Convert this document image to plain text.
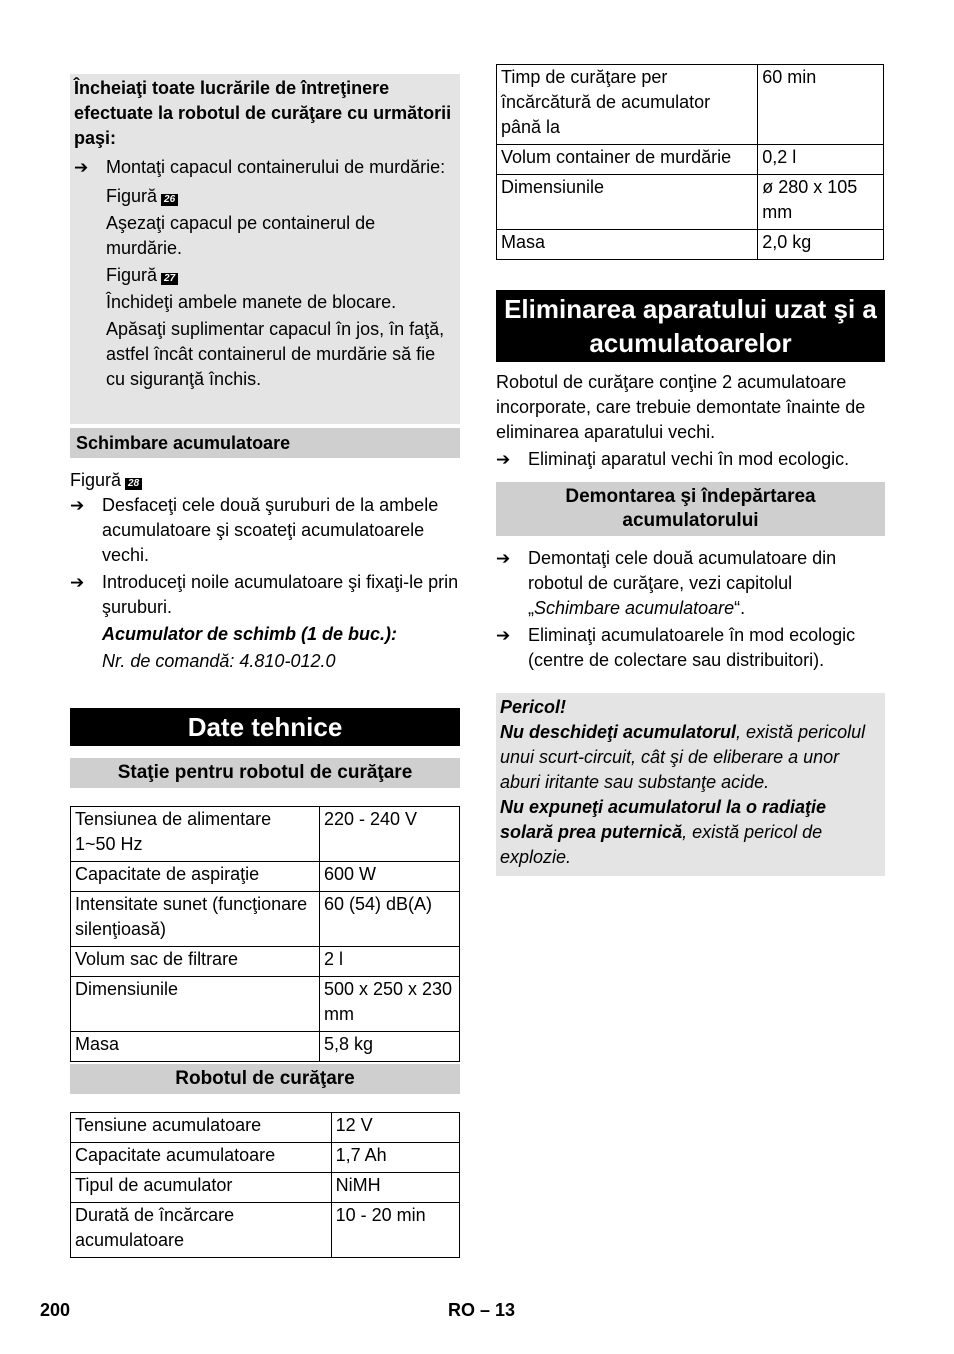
Încheiaţi toate lucrările de întreţinere efectuate la robotul de curăţare cu următorii paşi:
➔ Montaţi capacul containerului de murdărie:
Figură 26
Aşezaţi capacul pe containerul de murdărie.
Figură 27
Închideţi ambele manete de blocare.
Apăsaţi suplimentar capacul în jos, în faţă, astfel încât containerul de murdărie să fie cu siguranţă închis.
Schimbare acumulatoare
Figură 28
➔ Desfaceţi cele două şuruburi de la ambele acumulatoare şi scoateţi acumulatoarele vechi.
➔ Introduceţi noile acumulatoare şi fixaţi-le prin şuruburi.
Acumulator de schimb (1 de buc.):
Nr. de comandă: 4.810-012.0
Date tehnice
Staţie pentru robotul de curăţare
Tensiunea de alimentare 1~50 Hz	220 - 240 V
Capacitate de aspiraţie	600 W
Intensitate sunet (funcţionare silenţioasă)	60 (54) dB(A)
Volum sac de filtrare	2 l
Dimensiunile	500 x 250 x 230 mm
Masa	5,8 kg
Robotul de curăţare
Tensiune acumulatoare	12 V
Capacitate acumulatoare	1,7 Ah
Tipul de acumulator	NiMH
Durată de încărcare acumulatoare	10 - 20 min
Timp de curăţare per încărcătură de acumulator până la	60 min
Volum container de murdărie	0,2 l
Dimensiunile	ø 280 x 105 mm
Masa	2,0 kg
Eliminarea aparatului uzat şi a acumulatoarelor
Robotul de curăţare conţine 2 acumulatoare incorporate, care trebuie demontate înainte de eliminarea aparatului vechi.
➔ Eliminaţi aparatul vechi în mod ecologic.
Demontarea şi îndepărtarea acumulatorului
➔ Demontaţi cele două acumulatoare din robotul de curăţare, vezi capitolul „Schimbare acumulatoare“.
➔ Eliminaţi acumulatoarele în mod ecologic (centre de colectare sau distribuitori).
Pericol!
Nu deschideţi acumulatorul, există pericolul unui scurt-circuit, cât şi de eliberare a unor aburi iritante sau substanţe acide.
Nu expuneţi acumulatorul la o radiaţie solară prea puternică, există pericol de explozie.
200	RO – 13
